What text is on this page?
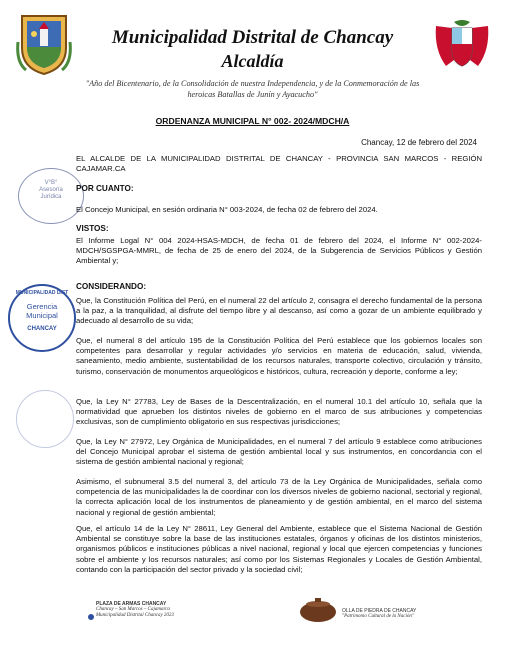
Municipalidad Distrital de Chancay
Alcaldía
"Año del Bicentenario, de la Consolidación de nuestra Independencia, y de la Conmemoración de las
heroicas Batallas de Junín y Ayacucho"
ORDENANZA MUNICIPAL N° 002- 2024/MDCH/A
Chancay, 12 de febrero del 2024
EL ALCALDE DE LA MUNICIPALIDAD DISTRITAL DE CHANCAY - PROVINCIA SAN MARCOS - REGIÓN CAJAMAR.CA
V°B°
Asesoría
Jurídica
POR CUANTO:
El Concejo Municipal, en sesión ordinaria N° 003-2024, de fecha 02 de febrero del 2024.
VISTOS:
El Informe Logal N° 004 2024-HSAS-MDCH, de fecha 01 de febrero del 2024, el Informe N° 002-2024-MDCH/SGSPGA-MMRL, de fecha de 25 de enero del 2024, de la Subgerencia de Servicios Públicos y Gestión Ambiental y;
MUNICIPALIDAD DIST
Gerencia
Municipal
CHANCAY
CONSIDERANDO:
Que, la Constitución Política del Perú, en el numeral 22 del artículo 2, consagra el derecho fundamental de la persona a la paz, a la tranquilidad, al disfrute del tiempo libre y al descanso, así como a gozar de un ambiente equilibrado y adecuado al desarrollo de su vida;
Que, el numeral 8 del artículo 195 de la Constitución Política del Perú establece que los gobiernos locales son competentes para desarrollar y regular actividades y/o servicios en materia de educación, salud, vivienda, saneamiento, medio ambiente, sustentabilidad de los recursos naturales, transporte colectivo, circulación y tránsito, turismo, conservación de monumentos arqueológicos e históricos, cultura, recreación y deporte, conforme a ley;
Que, la Ley N° 27783, Ley de Bases de la Descentralización, en el numeral 10.1 del artículo 10, señala que la normatividad que aprueben los distintos niveles de gobierno en el marco de sus atribuciones y competencias exclusivas, son de cumplimiento obligatorio en sus respectivas jurisdicciones;
Que, la Ley N° 27972, Ley Orgánica de Municipalidades, en el numeral 7 del artículo 9 establece como atribuciones del Concejo Municipal aprobar el sistema de gestión ambiental local y sus instrumentos, en concordancia con el sistema de gestión ambiental nacional y regional;
Asimismo, el subnumeral 3.5 del numeral 3, del artículo 73 de la Ley Orgánica de Municipalidades, señala como competencia de las municipalidades la de coordinar con los diversos niveles de gobierno nacional, sectorial y regional, la correcta aplicación local de los instrumentos de planeamiento y de gestión ambiental, en el marco del sistema nacional y regional de gestión ambiental;
Que, el artículo 14 de la Ley N° 28611, Ley General del Ambiente, establece que el Sistema Nacional de Gestión Ambiental se constituye sobre la base de las instituciones estatales, órganos y oficinas de los distintos ministerios, organismos públicos e instituciones públicas a nivel nacional, regional y local que ejercen competencias y funciones sobre el ambiente y los recursos naturales; así como por los Sistemas Regionales y Locales de Gestión Ambiental, contando con la participación del sector privado y la sociedad civil;
PLAZA DE ARMAS CHANCAY
Chancay – San Marcos – Cajamarca
Municipalidad Distrital Chancay 2023
OLLA DE PIEDRA DE CHANCAY
"Patrimonio Cultural de la Nación"
